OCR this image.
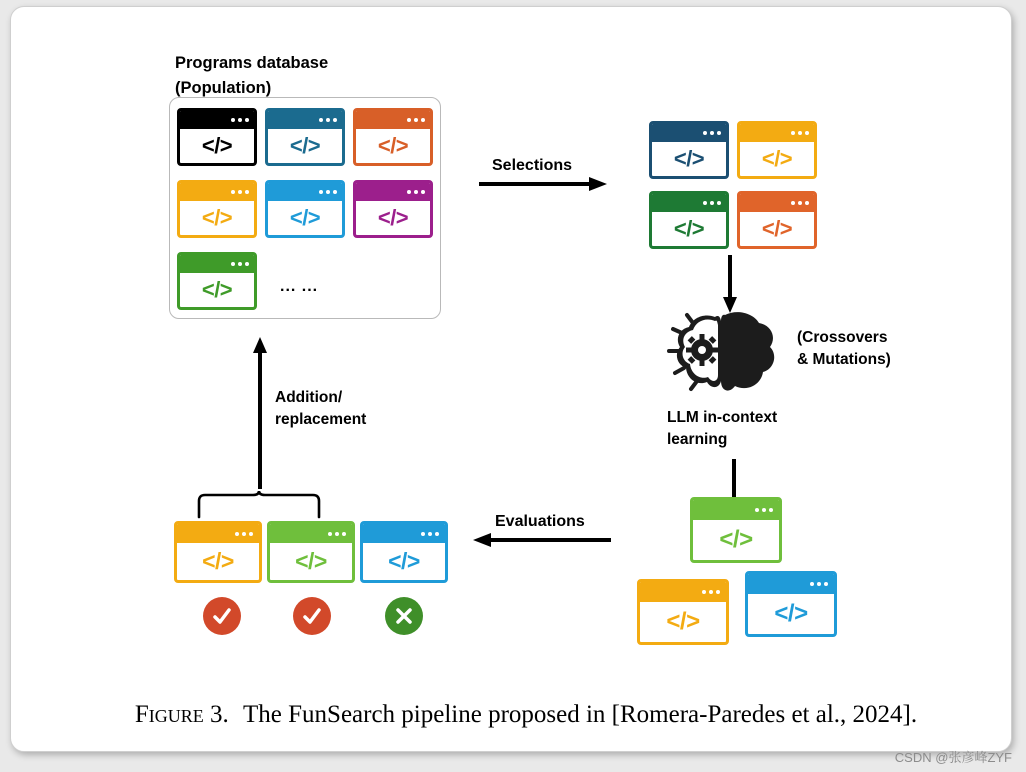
Programs database
(Population)
</>	</>	</>
</>	</>	</>
</>	... ...
Selections	</>	</>
</>	</>
(Crossovers
& Mutations)
LLM in-context
learning
</>
</>	</>
Evaluations
</>	</>	</>
Addition/
replacement
Figure 3. The FunSearch pipeline proposed in [Romera-Paredes et al., 2024].
CSDN @张彦峰ZYF
